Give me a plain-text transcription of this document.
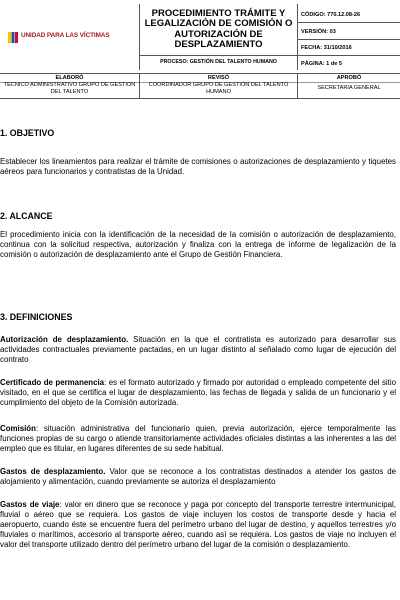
UNIDAD PARA LAS VÍCTIMAS
PROCEDIMIENTO TRÁMITE Y LEGALIZACIÓN DE COMISIÓN O AUTORIZACIÓN DE DESPLAZAMIENTO
PROCESO: GESTIÓN DEL TALENTO HUMANO
CÓDIGO: 770.12.08-26
VERSIÓN: 03
FECHA: 31/10/2016
PÁGINA: 1 de 5
ELABORÓ	REVISÓ	APROBÓ
TECNICO ADMINISTRATIVO GRUPO DE GESTION DEL TALENTO
COORDINADOR GRUPO DE GESTIÓN DEL TALENTO HUMANO
SECRETARIA GENERAL
1. OBJETIVO
Establecer los lineamientos para realizar el trámite de comisiones o autorizaciones de desplazamiento y tiquetes aéreos para funcionarios y contratistas de la Unidad.
2. ALCANCE
El procedimiento inicia con la identificación de la necesidad de la comisión o autorización de desplazamiento, continua con la solicitud respectiva, autorización y finaliza con la entrega de informe de legalización de la comisión o autorización de desplazamiento ante el Grupo de Gestión Financiera.
3. DEFINICIONES
Autorización de desplazamiento. Situación en la que el contratista es autorizado para desarrollar sus actividades contractuales previamente pactadas, en un lugar distinto al señalado como lugar de ejecución del contrato
Certificado de permanencia: es el formato autorizado y firmado por autoridad o empleado competente del sitio visitado, en el que se certifica el lugar de desplazamiento, las fechas de llegada y salida de un funcionario y el cumplimiento del objeto de la Comisión autorizada.
Comisión: situación administrativa del funcionario quien, previa autorización, ejerce temporalmente las funciones propias de su cargo o atiende transitoriamente actividades oficiales distintas a las inherentes a las del empleo que es titular, en lugares diferentes de su sede habitual.
Gastos de desplazamiento. Valor que se reconoce a los contratistas destinados a atender los gastos de alojamiento y alimentación, cuando previamente se autoriza el desplazamiento
Gastos de viaje: valor en dinero que se reconoce y paga por concepto del transporte terrestre intermunicipal, fluvial o aéreo que se requiera. Los gastos de viaje incluyen los costos de transporte desde y hacia el aeropuerto, cuando éste se encuentre fuera del perímetro urbano del lugar de destino, y aquellos terrestres y/o fluviales o marítimos, accesorio al transporte aéreo, cuando así se requiera. Los gastos de viaje no incluyen el valor del transporte utilizado dentro del perímetro urbano del lugar de la comisión o desplazamiento.
